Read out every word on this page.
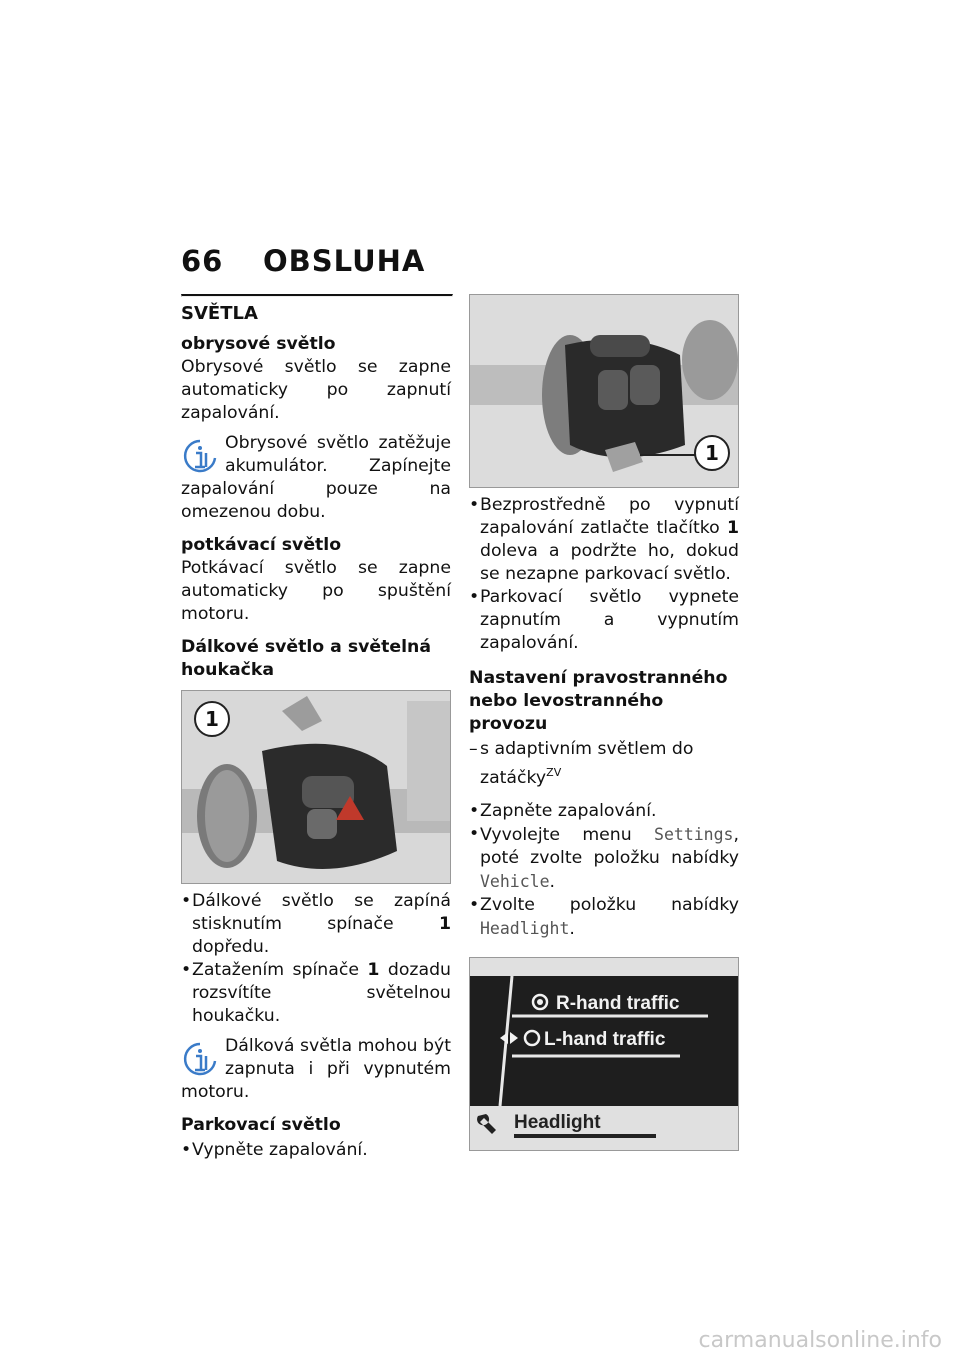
66 OBSLUHA
SVĚTLA
obrysové světlo

Obrysové světlo se zapne automaticky po zapnutí zapalování.

Obrysové světlo zatěžuje akumulátor. Zapínejte zapalování pouze na omezenou dobu.

potkávací světlo

Potkávací světlo se zapne automaticky po spuštění motoru.

Dálkové světlo a světelná houkačka
1
• Dálkové světlo se zapíná stisknutím spínače 1 dopředu.
• Zatažením spínače 1 dozadu rozsvítíte světelnou houkačku.

Dálková světla mohou být zapnuta i při vypnutém motoru.

Parkovací světlo
• Vypněte zapalování.
1
• Bezprostředně po vypnutí zapalování zatlačte tlačítko 1 doleva a podržte ho, dokud se nezapne parkovací světlo.
• Parkovací světlo vypnete zapnutím a vypnutím zapalování.
Nastavení pravostranného nebo levostranného provozu
– s adaptivním světlem do zatáčky$^{ZV}$
• Zapněte zapalování.
• Vyvolejte menu Settings, poté zvolte položku nabídky Vehicle.
• Zvolte položku nabídky Headlight.
R-hand traffic
L-hand traffic
Headlight
carmanualsonline.info
